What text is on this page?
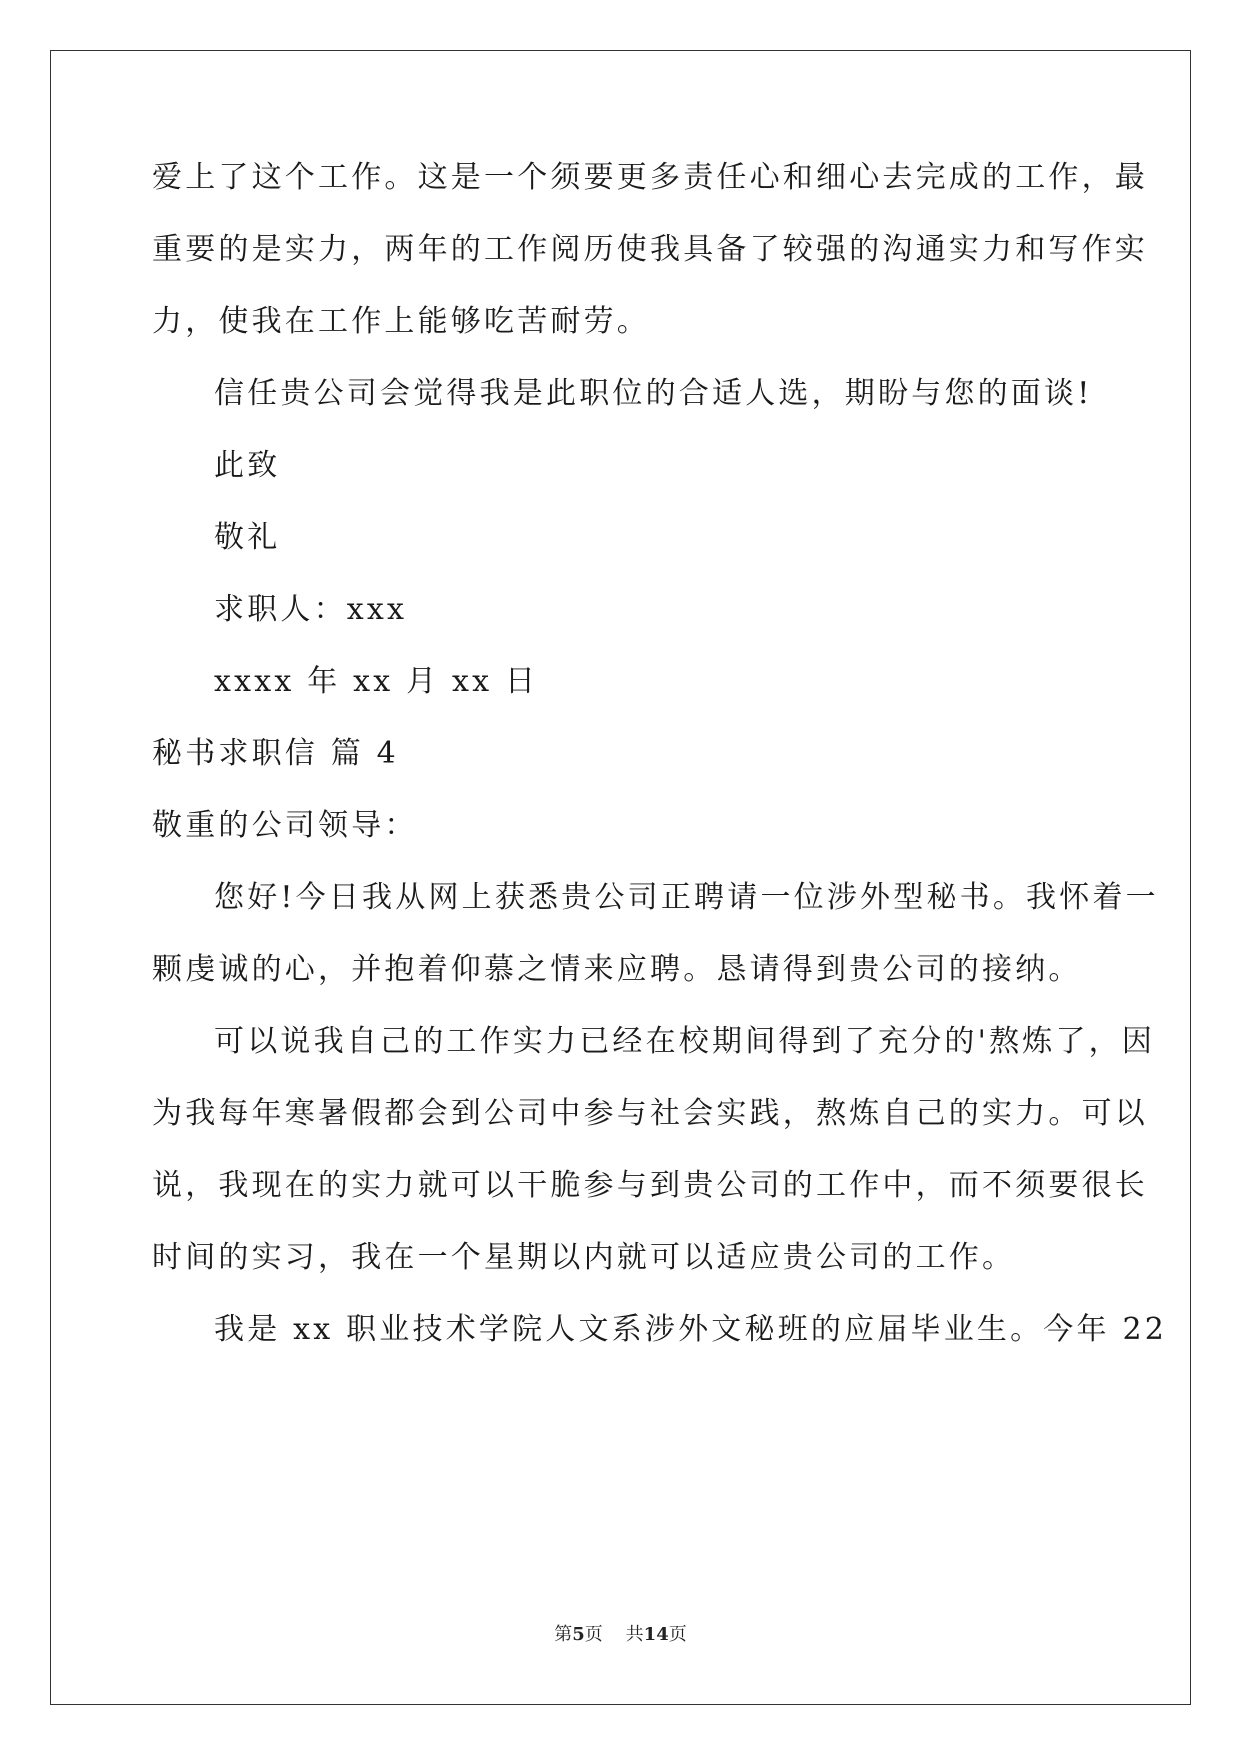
爱上了这个工作。这是一个须要更多责任心和细心去完成的工作，最
重要的是实力，两年的工作阅历使我具备了较强的沟通实力和写作实
力，使我在工作上能够吃苦耐劳。
信任贵公司会觉得我是此职位的合适人选，期盼与您的面谈!
此致
敬礼
求职人：xxx
xxxx 年 xx 月 xx 日
秘书求职信 篇 4
敬重的公司领导：
您好!今日我从网上获悉贵公司正聘请一位涉外型秘书。我怀着一
颗虔诚的心，并抱着仰慕之情来应聘。恳请得到贵公司的接纳。
可以说我自己的工作实力已经在校期间得到了充分的'熬炼了，因
为我每年寒暑假都会到公司中参与社会实践，熬炼自己的实力。可以
说，我现在的实力就可以干脆参与到贵公司的工作中，而不须要很长
时间的实习，我在一个星期以内就可以适应贵公司的工作。
我是 xx 职业技术学院人文系涉外文秘班的应届毕业生。今年 22
第5页    共14页
